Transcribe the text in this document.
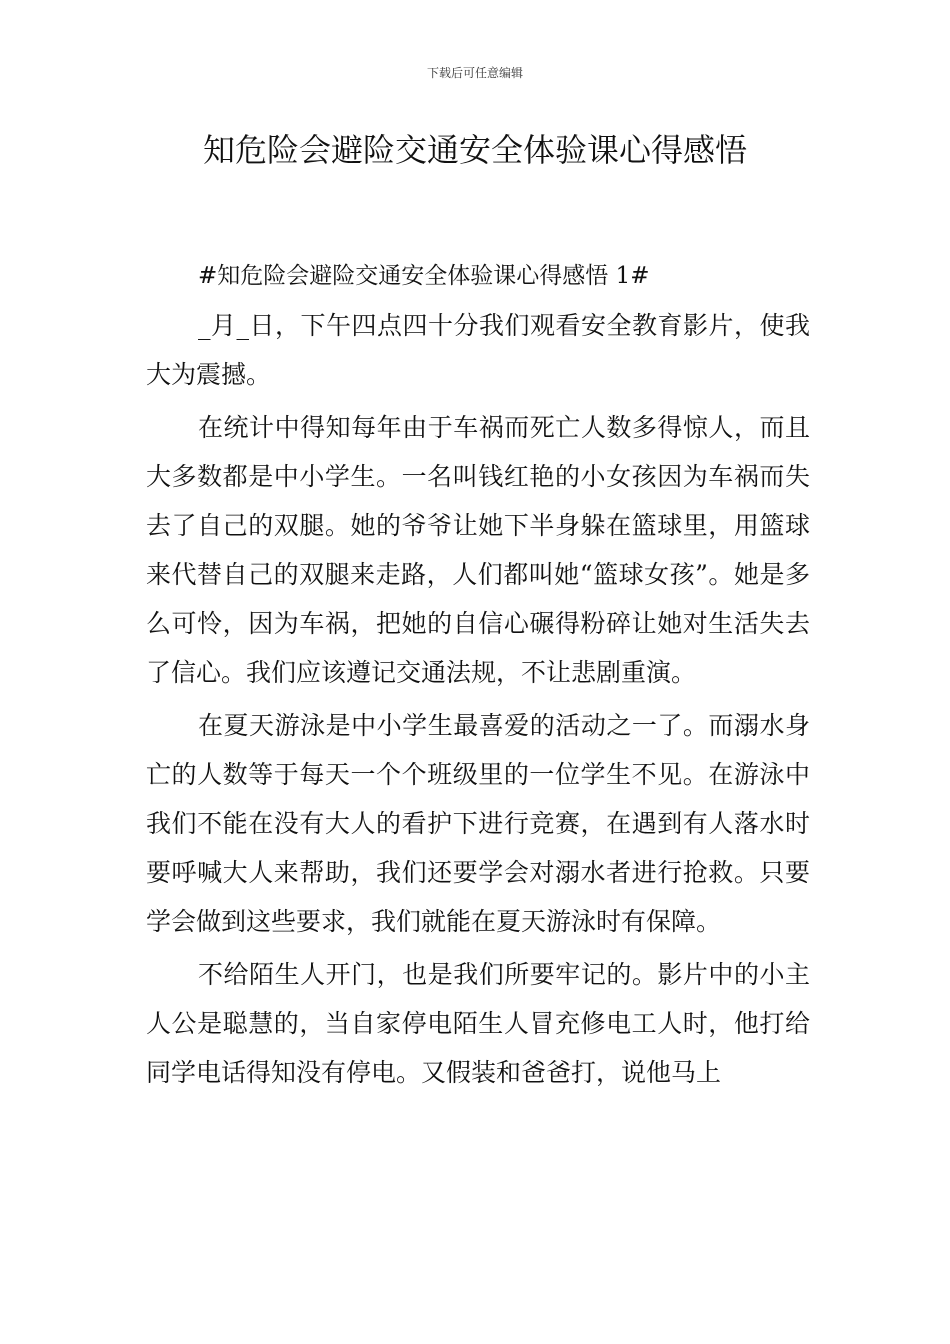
下载后可任意编辑
知危险会避险交通安全体验课心得感悟

#知危险会避险交通安全体验课心得感悟 1#

_月_日，下午四点四十分我们观看安全教育影片，使我大为震撼。

在统计中得知每年由于车祸而死亡人数多得惊人，而且大多数都是中小学生。一名叫钱红艳的小女孩因为车祸而失去了自己的双腿。她的爷爷让她下半身躲在篮球里，用篮球来代替自己的双腿来走路，人们都叫她“篮球女孩”。她是多么可怜，因为车祸，把她的自信心碾得粉碎让她对生活失去了信心。我们应该遵记交通法规，不让悲剧重演。

在夏天游泳是中小学生最喜爱的活动之一了。而溺水身亡的人数等于每天一个个班级里的一位学生不见。在游泳中我们不能在没有大人的看护下进行竞赛，在遇到有人落水时要呼喊大人来帮助，我们还要学会对溺水者进行抢救。只要学会做到这些要求，我们就能在夏天游泳时有保障。

不给陌生人开门，也是我们所要牢记的。影片中的小主人公是聪慧的，当自家停电陌生人冒充修电工人时，他打给同学电话得知没有停电。又假装和爸爸打，说他马上
